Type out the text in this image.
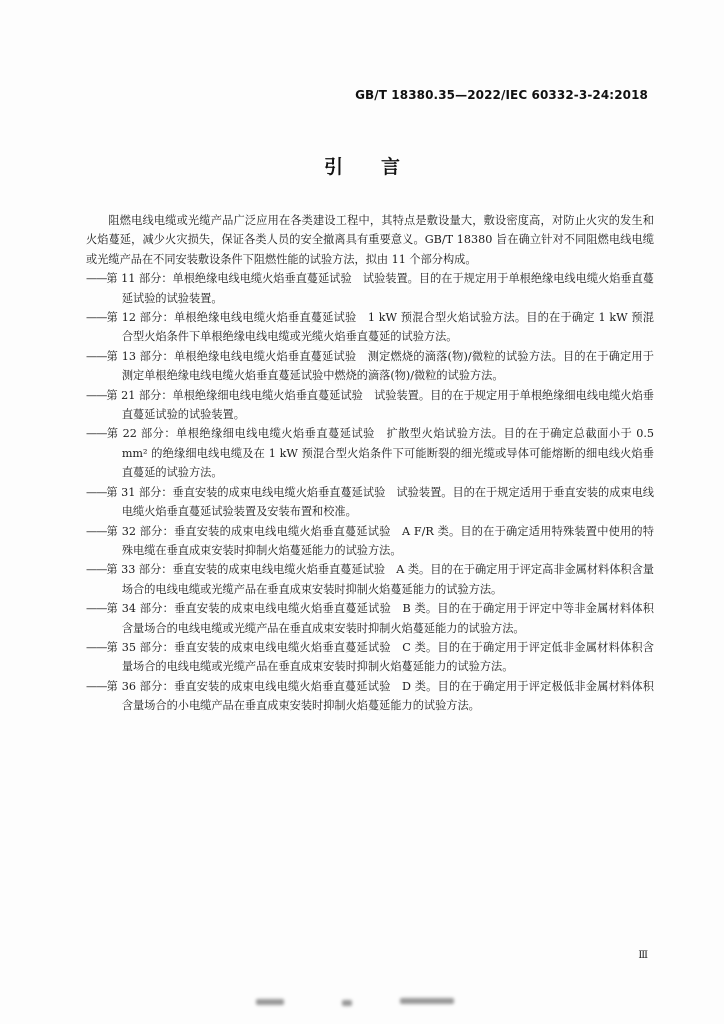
GB/T 18380.35—2022/IEC 60332-3-24:2018
引言

阻燃电线电缆或光缆产品广泛应用在各类建设工程中，其特点是敷设量大，敷设密度高，对防止火灾的发生和火焰蔓延，减少火灾损失，保证各类人员的安全撤离具有重要意义。GB/T 18380 旨在确立针对不同阻燃电线电缆或光缆产品在不同安装敷设条件下阻燃性能的试验方法，拟由 11 个部分构成。

——第 11 部分：单根绝缘电线电缆火焰垂直蔓延试验　试验装置。目的在于规定用于单根绝缘电线电缆火焰垂直蔓延试验的试验装置。

——第 12 部分：单根绝缘电线电缆火焰垂直蔓延试验　1 kW 预混合型火焰试验方法。目的在于确定 1 kW 预混合型火焰条件下单根绝缘电线电缆或光缆火焰垂直蔓延的试验方法。

——第 13 部分：单根绝缘电线电缆火焰垂直蔓延试验　测定燃烧的滴落(物)/微粒的试验方法。目的在于确定用于测定单根绝缘电线电缆火焰垂直蔓延试验中燃烧的滴落(物)/微粒的试验方法。

——第 21 部分：单根绝缘细电线电缆火焰垂直蔓延试验　试验装置。目的在于规定用于单根绝缘细电线电缆火焰垂直蔓延试验的试验装置。

——第 22 部分：单根绝缘细电线电缆火焰垂直蔓延试验　扩散型火焰试验方法。目的在于确定总截面小于 0.5 mm² 的绝缘细电线电缆及在 1 kW 预混合型火焰条件下可能断裂的细光缆或导体可能熔断的细电线火焰垂直蔓延的试验方法。

——第 31 部分：垂直安装的成束电线电缆火焰垂直蔓延试验　试验装置。目的在于规定适用于垂直安装的成束电线电缆火焰垂直蔓延试验装置及安装布置和校准。

——第 32 部分：垂直安装的成束电线电缆火焰垂直蔓延试验　A F/R 类。目的在于确定适用特殊装置中使用的特殊电缆在垂直成束安装时抑制火焰蔓延能力的试验方法。

——第 33 部分：垂直安装的成束电线电缆火焰垂直蔓延试验　A 类。目的在于确定用于评定高非金属材料体积含量场合的电线电缆或光缆产品在垂直成束安装时抑制火焰蔓延能力的试验方法。

——第 34 部分：垂直安装的成束电线电缆火焰垂直蔓延试验　B 类。目的在于确定用于评定中等非金属材料体积含量场合的电线电缆或光缆产品在垂直成束安装时抑制火焰蔓延能力的试验方法。

——第 35 部分：垂直安装的成束电线电缆火焰垂直蔓延试验　C 类。目的在于确定用于评定低非金属材料体积含量场合的电线电缆或光缆产品在垂直成束安装时抑制火焰蔓延能力的试验方法。

——第 36 部分：垂直安装的成束电线电缆火焰垂直蔓延试验　D 类。目的在于确定用于评定极低非金属材料体积含量场合的小电缆产品在垂直成束安装时抑制火焰蔓延能力的试验方法。

Ⅲ
